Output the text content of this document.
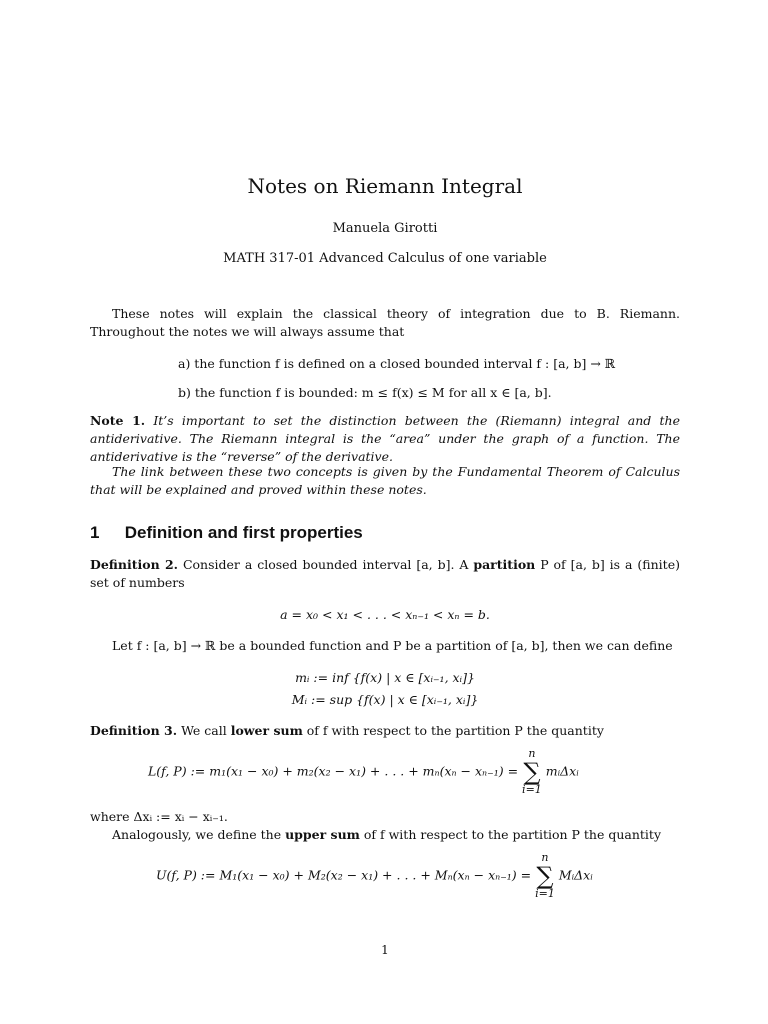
Notes on Riemann Integral
Manuela Girotti
MATH 317-01 Advanced Calculus of one variable
These notes will explain the classical theory of integration due to B. Riemann. Throughout the notes we will always assume that
a) the function f is defined on a closed bounded interval f : [a, b] → ℝ
b) the function f is bounded: m ≤ f(x) ≤ M for all x ∈ [a, b].
Note 1. It’s important to set the distinction between the (Riemann) integral and the antiderivative. The Riemann integral is the “area” under the graph of a function. The antiderivative is the “reverse” of the derivative.
The link between these two concepts is given by the Fundamental Theorem of Calculus that will be explained and proved within these notes.
1 Definition and first properties
Definition 2. Consider a closed bounded interval [a, b]. A partition P of [a, b] is a (finite) set of numbers
a = x₀ < x₁ < . . . < xₙ₋₁ < xₙ = b.
Let f : [a, b] → ℝ be a bounded function and P be a partition of [a, b], then we can define
mᵢ := inf {f(x) | x ∈ [xᵢ₋₁, xᵢ]}
Mᵢ := sup {f(x) | x ∈ [xᵢ₋₁, xᵢ]}
Definition 3. We call lower sum of f with respect to the partition P the quantity
L(f, P) := m₁(x₁ − x₀) + m₂(x₂ − x₁) + . . . + mₙ(xₙ − xₙ₋₁) = n
∑
i=1 mᵢΔxᵢ
where Δxᵢ := xᵢ − xᵢ₋₁.
Analogously, we define the upper sum of f with respect to the partition P the quantity
U(f, P) := M₁(x₁ − x₀) + M₂(x₂ − x₁) + . . . + Mₙ(xₙ − xₙ₋₁) = n
∑
i=1 MᵢΔxᵢ
1
